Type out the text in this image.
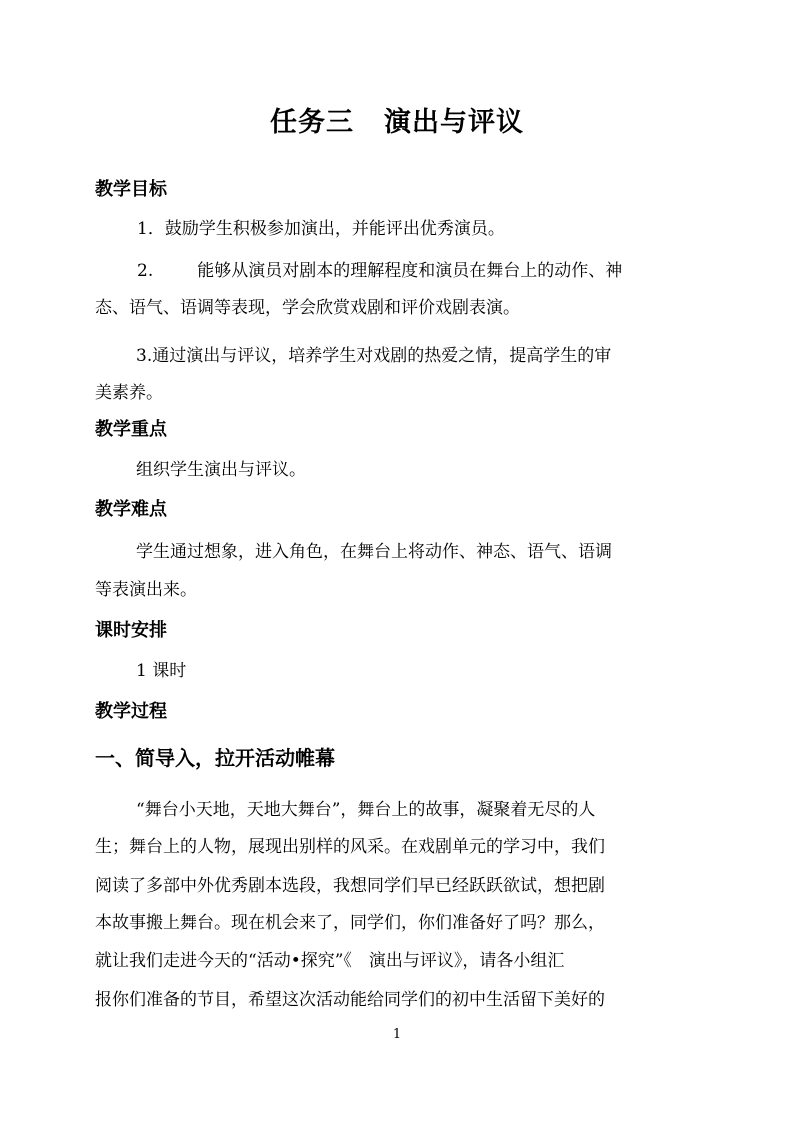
任务三 演出与评议
教学目标
1．鼓励学生积极参加演出，并能评出优秀演员。
2.	能够从演员对剧本的理解程度和演员在舞台上的动作、神
态、语气、语调等表现，学会欣赏戏剧和评价戏剧表演。
3.通过演出与评议，培养学生对戏剧的热爱之情，提高学生的审
美素养。
教学重点
组织学生演出与评议。
教学难点
学生通过想象，进入角色，在舞台上将动作、神态、语气、语调
等表演出来。
课时安排
1 课时
教学过程
一、简导入，拉开活动帷幕
“舞台小天地，天地大舞台”，舞台上的故事，凝聚着无尽的人
生；舞台上的人物，展现出别样的风采。在戏剧单元的学习中，我们
阅读了多部中外优秀剧本选段，我想同学们早已经跃跃欲试，想把剧
本故事搬上舞台。现在机会来了，同学们，你们准备好了吗？那么，
就让我们走进今天的“活动•探究”《　演出与评议》，请各小组汇
报你们准备的节目，希望这次活动能给同学们的初中生活留下美好的
1
